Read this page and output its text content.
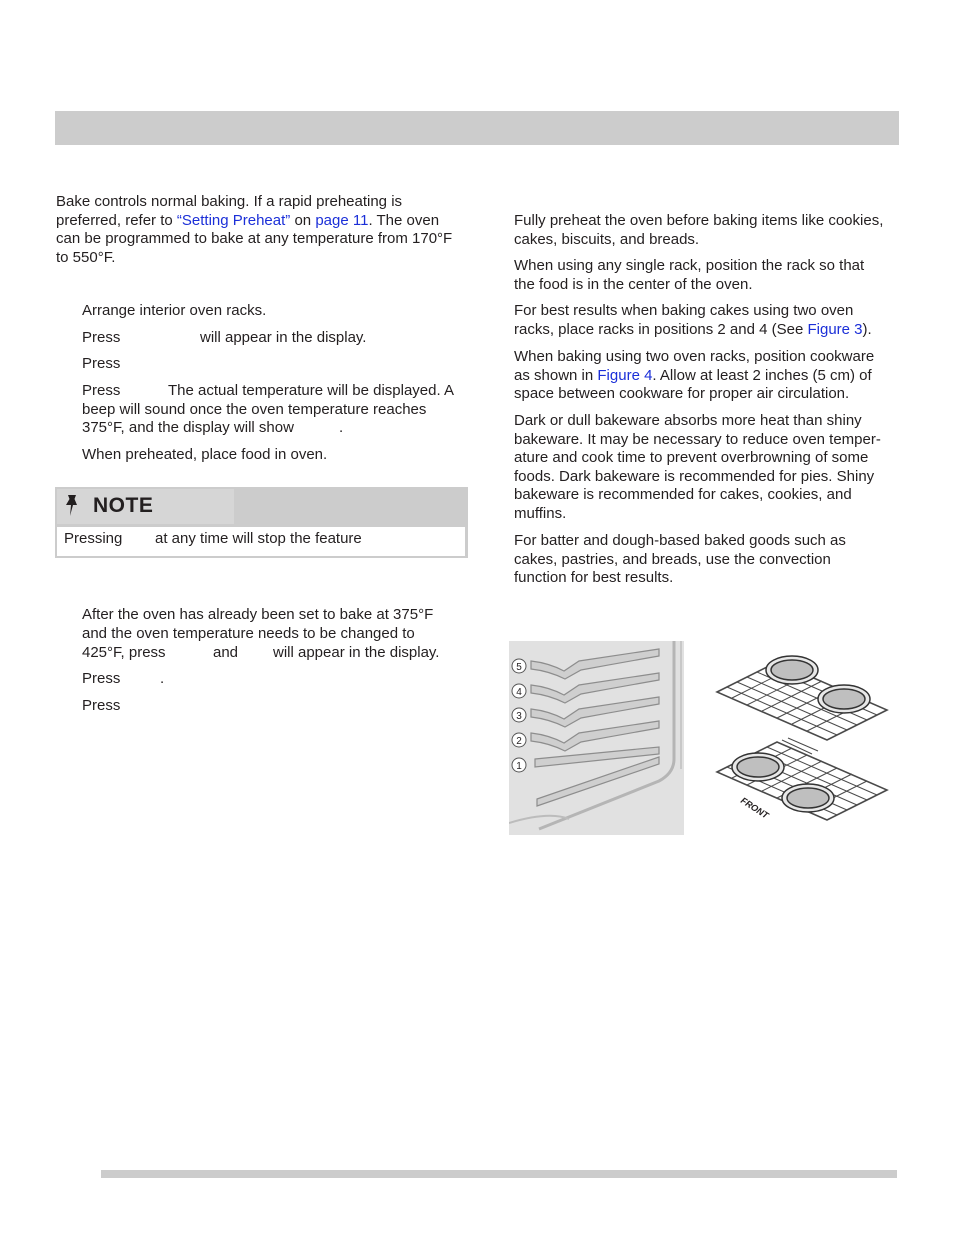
Bake controls normal baking. If a rapid preheating is

preferred, refer to “Setting Preheat” on page 11. The oven

can be programmed to bake at any temperature from 170°F

to 550°F.

Arrange interior oven racks.

Press	will appear in the display.

Press

Press	The actual temperature will be displayed. A

beep will sound once the oven temperature reaches

375°F, and the display will show	.

When preheated, place food in oven.

NOTE

Pressing at any time will stop the feature

After the oven has already been set to bake at 375°F

and the oven temperature needs to be changed to

425°F, press	and will appear in the display.

Press	.

Press

Fully preheat the oven before baking items like cookies,

cakes, biscuits, and breads.

When using any single rack, position the rack so that

the food is in the center of the oven.

For best results when baking cakes using two oven

racks, place racks in positions 2 and 4 (See Figure 3).

When baking using two oven racks, position cookware

as shown in Figure 4. Allow at least 2 inches (5 cm) of

space between cookware for proper air circulation.

Dark or dull bakeware absorbs more heat than shiny

bakeware. It may be necessary to reduce oven temper-

ature and cook time to prevent overbrowning of some

foods. Dark bakeware is recommended for pies. Shiny

bakeware is recommended for cakes, cookies, and

muffins.

For batter and dough-based baked goods such as

cakes, pastries, and breads, use the convection

function for best results.

5
4
3
2
1
FRONT
